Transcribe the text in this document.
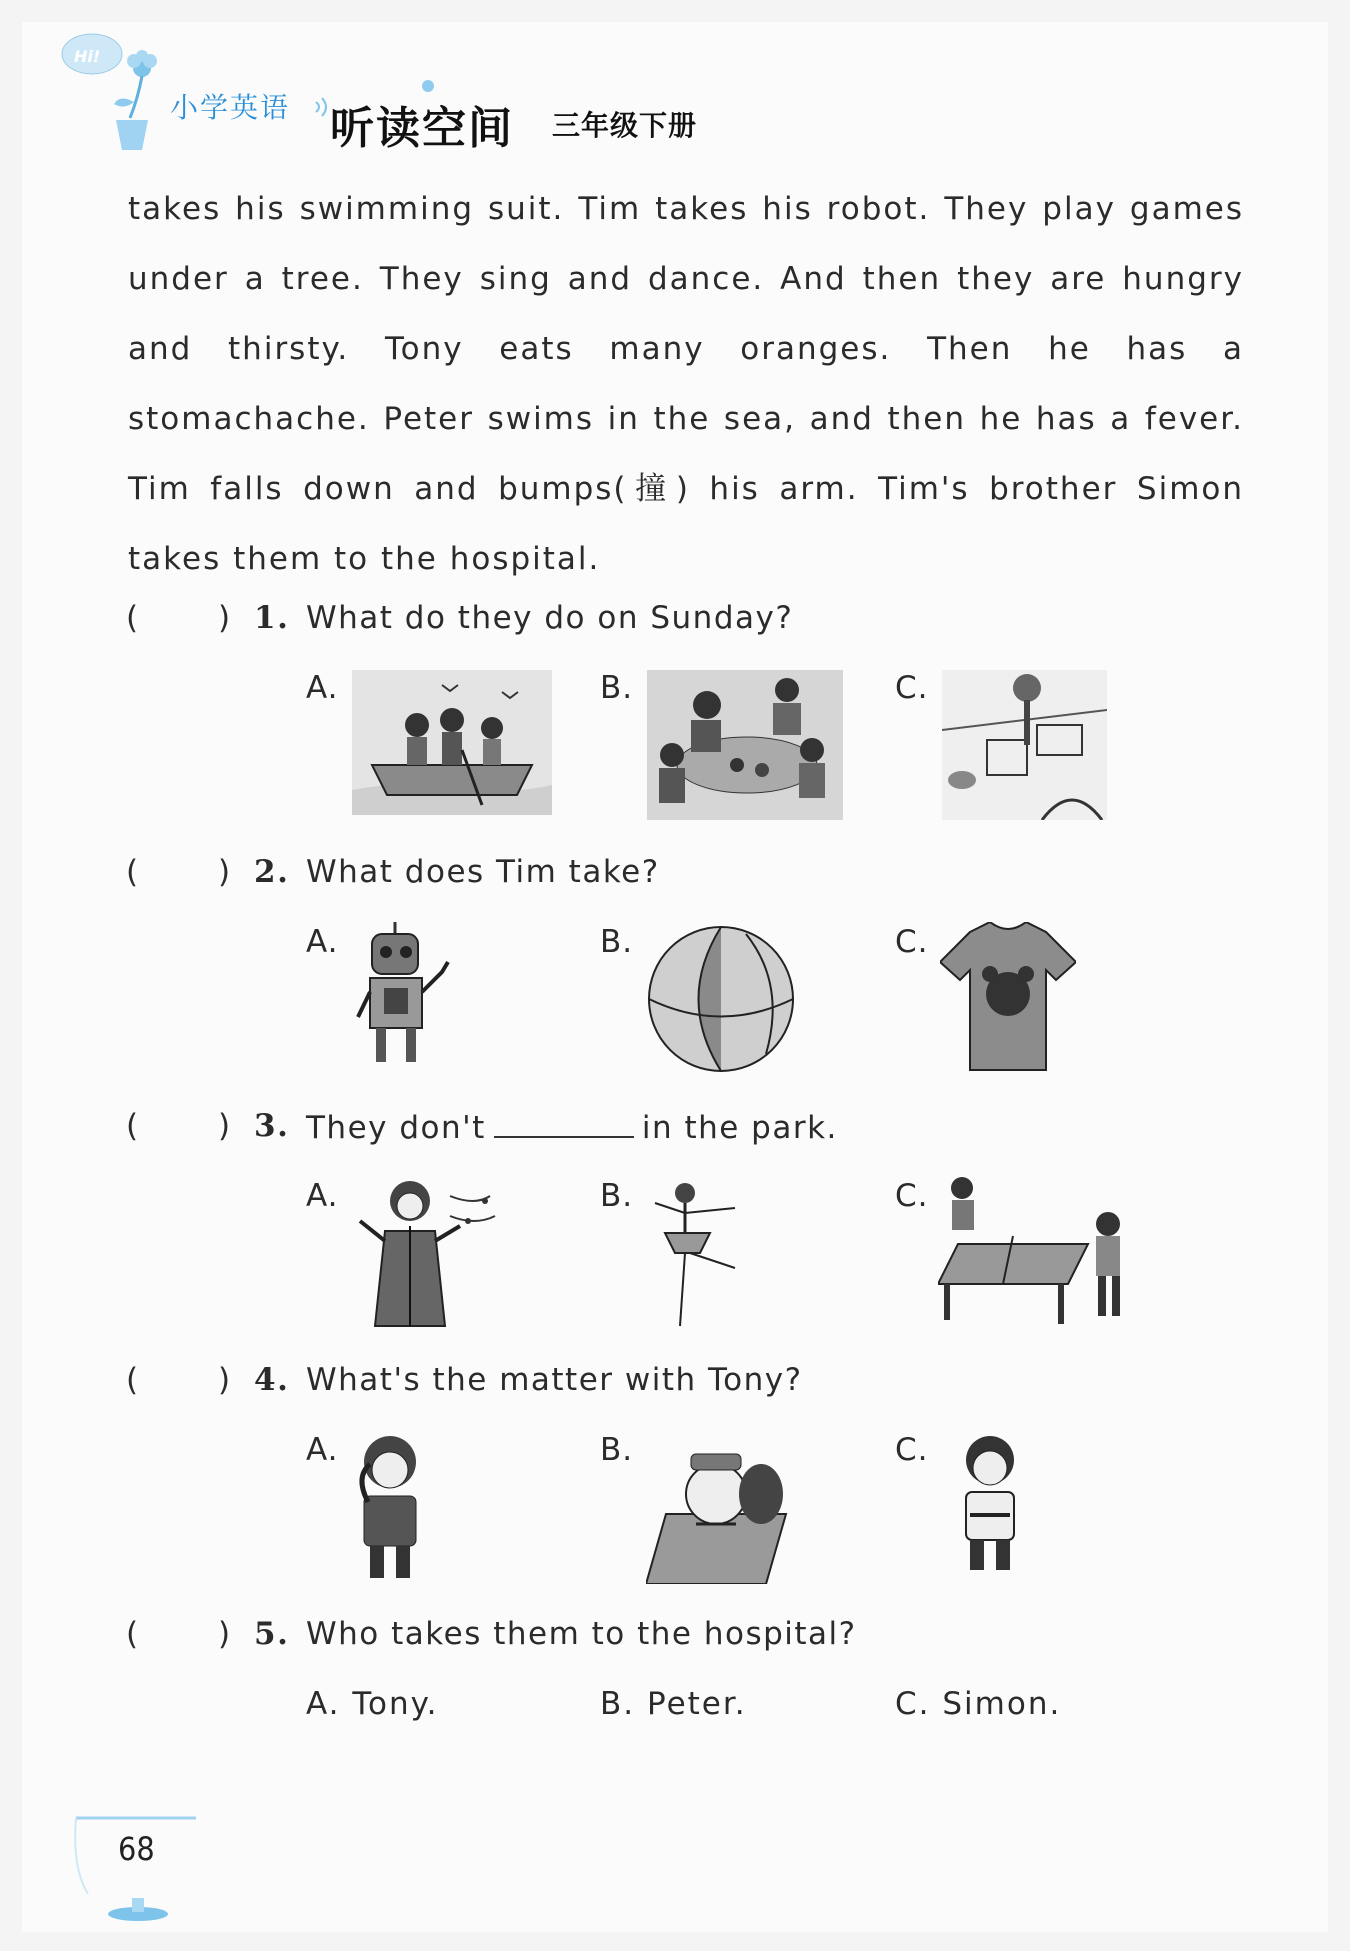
Hi!
小学英语 听读空间 三年级下册
takes his swimming suit. Tim takes his robot. They play games under a tree. They sing and dance. And then they are hungry and thirsty. Tony eats many oranges. Then he has a stomachache. Peter swims in the sea, and then he has a fever. Tim falls down and bumps(撞) his arm. Tim's brother Simon takes them to the hospital.
(	) 1. What do they do on Sunday?
A.	B.	C.
(	) 2. What does Tim take?
A.	B.	C.
(	) 3. They don't	in the park.
A.	B.	C.
(	) 4. What's the matter with Tony?
A.	B.	C.
(	) 5. Who takes them to the hospital?
A. Tony.	B. Peter.	C. Simon.
68
